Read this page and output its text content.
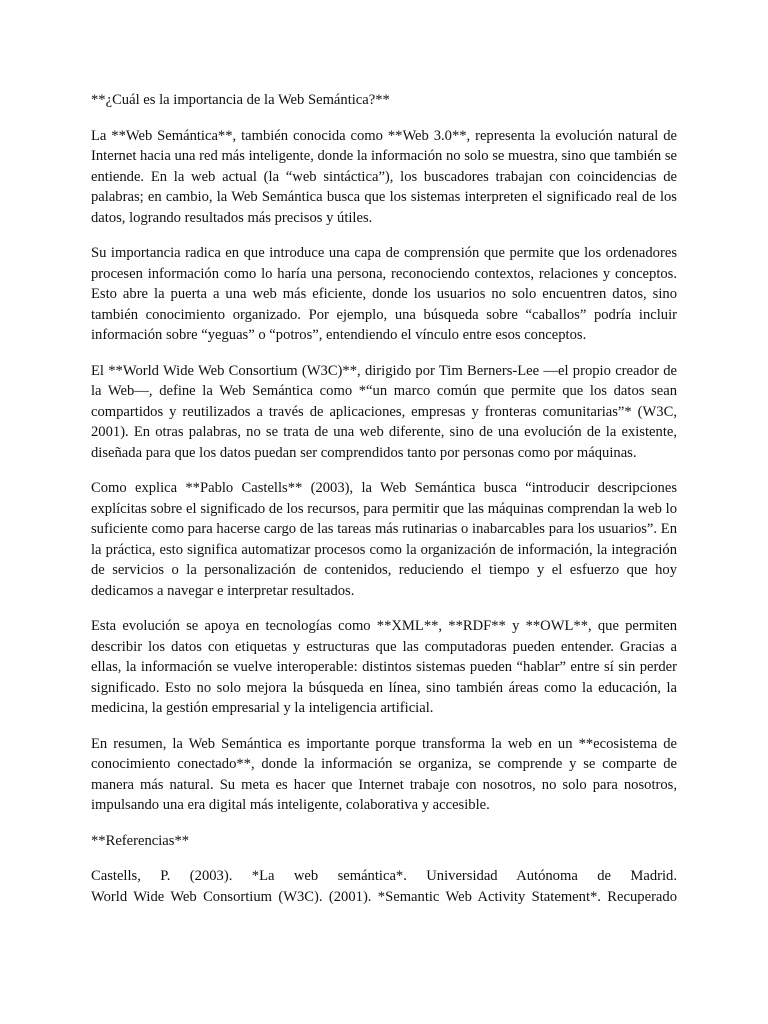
**¿Cuál es la importancia de la Web Semántica?**

La **Web Semántica**, también conocida como **Web 3.0**, representa la evolución natural de Internet hacia una red más inteligente, donde la información no solo se muestra, sino que también se entiende. En la web actual (la “web sintáctica”), los buscadores trabajan con coincidencias de palabras; en cambio, la Web Semántica busca que los sistemas interpreten el significado real de los datos, logrando resultados más precisos y útiles.

Su importancia radica en que introduce una capa de comprensión que permite que los ordenadores procesen información como lo haría una persona, reconociendo contextos, relaciones y conceptos. Esto abre la puerta a una web más eficiente, donde los usuarios no solo encuentren datos, sino también conocimiento organizado. Por ejemplo, una búsqueda sobre “caballos” podría incluir información sobre “yeguas” o “potros”, entendiendo el vínculo entre esos conceptos.

El **World Wide Web Consortium (W3C)**, dirigido por Tim Berners-Lee —el propio creador de la Web—, define la Web Semántica como *“un marco común que permite que los datos sean compartidos y reutilizados a través de aplicaciones, empresas y fronteras comunitarias”* (W3C, 2001). En otras palabras, no se trata de una web diferente, sino de una evolución de la existente, diseñada para que los datos puedan ser comprendidos tanto por personas como por máquinas.

Como explica **Pablo Castells** (2003), la Web Semántica busca “introducir descripciones explícitas sobre el significado de los recursos, para permitir que las máquinas comprendan la web lo suficiente como para hacerse cargo de las tareas más rutinarias o inabarcables para los usuarios”. En la práctica, esto significa automatizar procesos como la organización de información, la integración de servicios o la personalización de contenidos, reduciendo el tiempo y el esfuerzo que hoy dedicamos a navegar e interpretar resultados.

Esta evolución se apoya en tecnologías como **XML**, **RDF** y **OWL**, que permiten describir los datos con etiquetas y estructuras que las computadoras pueden entender. Gracias a ellas, la información se vuelve interoperable: distintos sistemas pueden “hablar” entre sí sin perder significado. Esto no solo mejora la búsqueda en línea, sino también áreas como la educación, la medicina, la gestión empresarial y la inteligencia artificial.

En resumen, la Web Semántica es importante porque transforma la web en un **ecosistema de conocimiento conectado**, donde la información se organiza, se comprende y se comparte de manera más natural. Su meta es hacer que Internet trabaje con nosotros, no solo para nosotros, impulsando una era digital más inteligente, colaborativa y accesible.

**Referencias**

Castells, P. (2003). *La web semántica*. Universidad Autónoma de Madrid.
World Wide Web Consortium (W3C). (2001). *Semantic Web Activity Statement*. Recuperado
